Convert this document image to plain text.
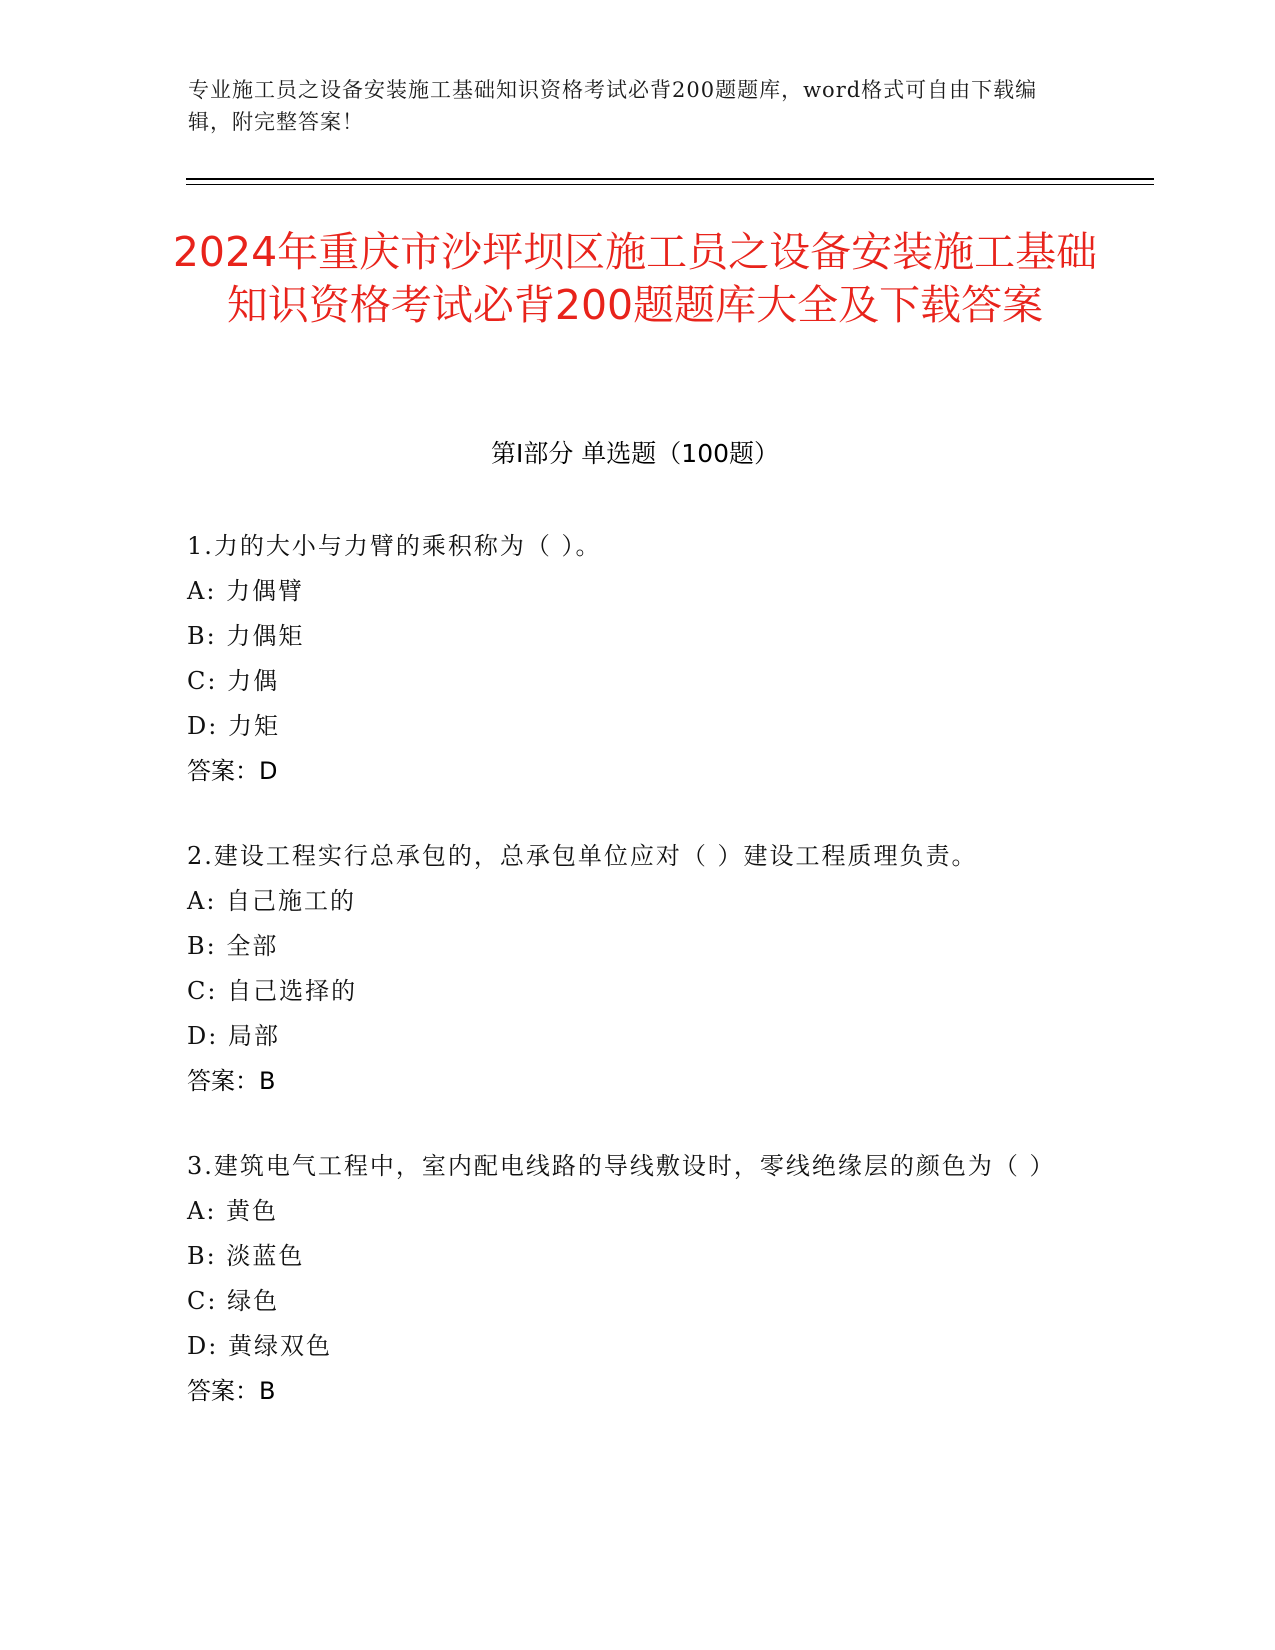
专业施工员之设备安装施工基础知识资格考试必背200题题库，word格式可自由下载编辑，附完整答案！
2024年重庆市沙坪坝区施工员之设备安装施工基础知识资格考试必背200题题库大全及下载答案
第Ⅰ部分 单选题（100题）
1.力的大小与力臂的乘积称为（ ）。
A: 力偶臂
B: 力偶矩
C: 力偶
D: 力矩
答案：D
2.建设工程实行总承包的，总承包单位应对（ ）建设工程质理负责。
A: 自己施工的
B: 全部
C: 自己选择的
D: 局部
答案：B
3.建筑电气工程中，室内配电线路的导线敷设时，零线绝缘层的颜色为（ ）
A: 黄色
B: 淡蓝色
C: 绿色
D: 黄绿双色
答案：B
